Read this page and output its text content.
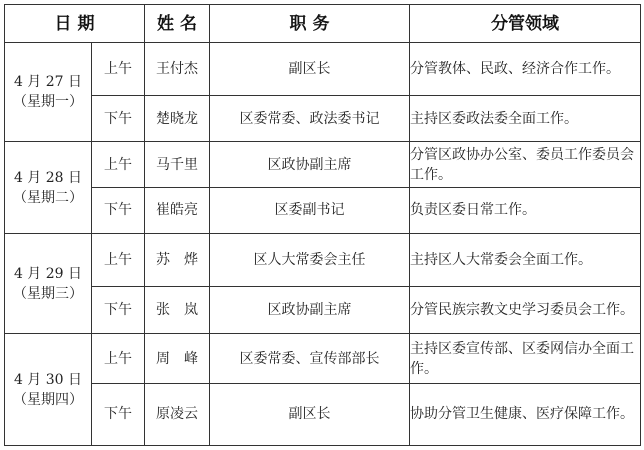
日 期		姓 名	职 务	分管领域

4 月 27 日
（星期一）	上午	王付杰	副区长	分管教体、民政、经济合作工作。
	下午	楚晓龙	区委常委、政法委书记	主持区委政法委全面工作。

4 月 28 日
（星期二）	上午	马千里	区政协副主席	分管区政协办公室、委员工作委员会工作。
	下午	崔皓亮	区委副书记	负责区委日常工作。

4 月 29 日
（星期三）	上午	苏　烨	区人大常委会主任	主持区人大常委会全面工作。
	下午	张　岚	区政协副主席	分管民族宗教文史学习委员会工作。

4 月 30 日
（星期四）	上午	周　峰	区委常委、宣传部部长	主持区委宣传部、区委网信办全面工作。
	下午	原凌云	副区长	协助分管卫生健康、医疗保障工作。
